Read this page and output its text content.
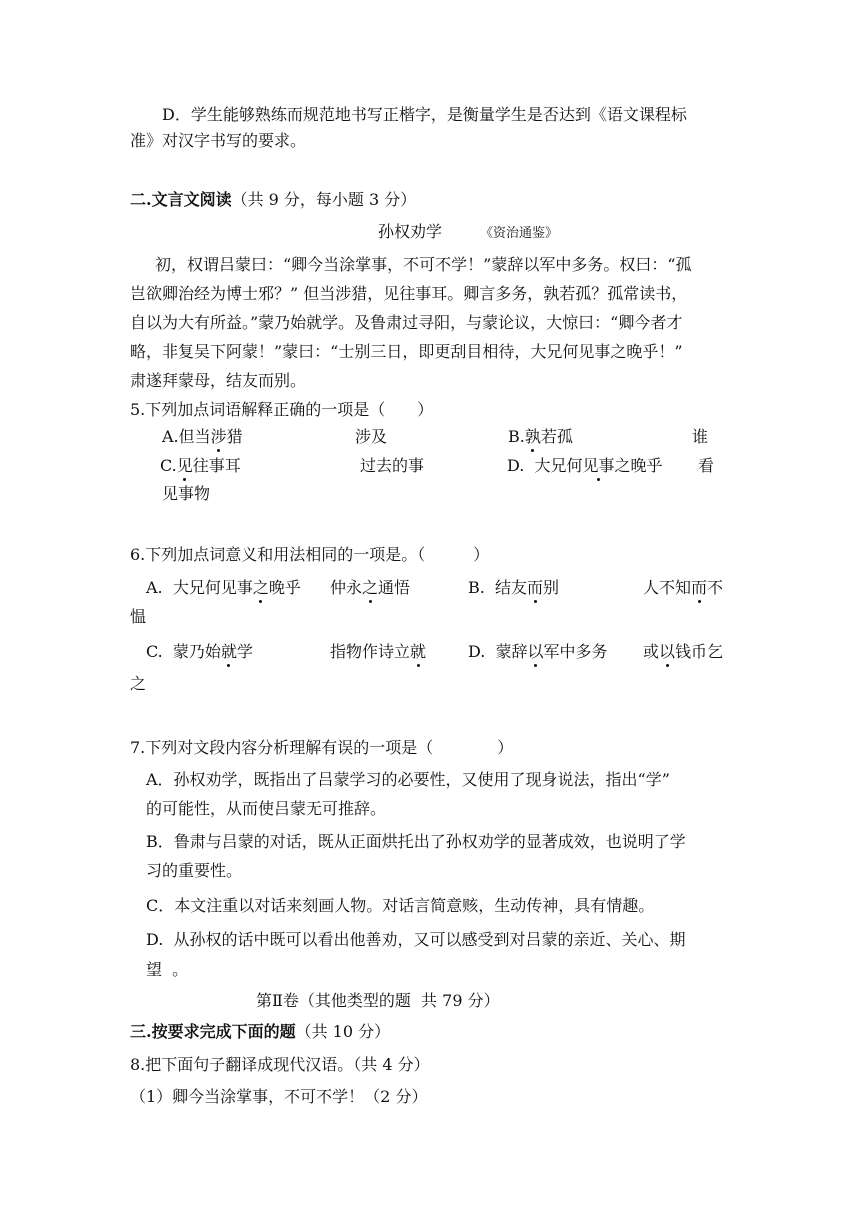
D．学生能够熟练而规范地书写正楷字，是衡量学生是否达到《语文课程标
准》对汉字书写的要求。
二.文言文阅读（共 9 分，每小题 3 分）
孙权劝学	《资治通鉴》
初，权谓吕蒙曰：“卿今当涂掌事，不可不学！”蒙辞以军中多务。权曰：“孤
岂欲卿治经为博士邪？” 但当涉猎，见往事耳。卿言多务，孰若孤？孤常读书，
自以为大有所益。”蒙乃始就学。及鲁肃过寻阳，与蒙论议，大惊曰：“卿今者才
略，非复吴下阿蒙！”蒙曰：“士别三日，即更刮目相待，大兄何见事之晚乎！”
肃遂拜蒙母，结友而别。
5.下列加点词语解释正确的一项是（　　）
A.但当涉猎	涉及	B.孰若孤	谁
C.见往事耳	过去的事	D.  大兄何见事之晚乎 看
见事物
6.下列加点词意义和用法相同的一项是。（　　　）
A.  大兄何见事之晚乎 仲永之通悟	B.  结友而别	人不知而不
愠
C.  蒙乃始就学	指物作诗立就	D.  蒙辞以军中多务 或以钱币乞
之
7.下列对文段内容分析理解有误的一项是（　　　　）
A．孙权劝学，既指出了吕蒙学习的必要性，又使用了现身说法，指出“学”
的可能性，从而使吕蒙无可推辞。
B．鲁肃与吕蒙的对话，既从正面烘托出了孙权劝学的显著成效，也说明了学
习的重要性。
C．本文注重以对话来刻画人物。对话言简意赅，生动传神，具有情趣。
D.  从孙权的话中既可以看出他善劝，又可以感受到对吕蒙的亲近、关心、期
望  。
第Ⅱ卷（其他类型的题  共 79 分）
三.按要求完成下面的题（共 10 分）
8.把下面句子翻译成现代汉语。（共 4 分）
（1）卿今当涂掌事，不可不学！（2 分）
